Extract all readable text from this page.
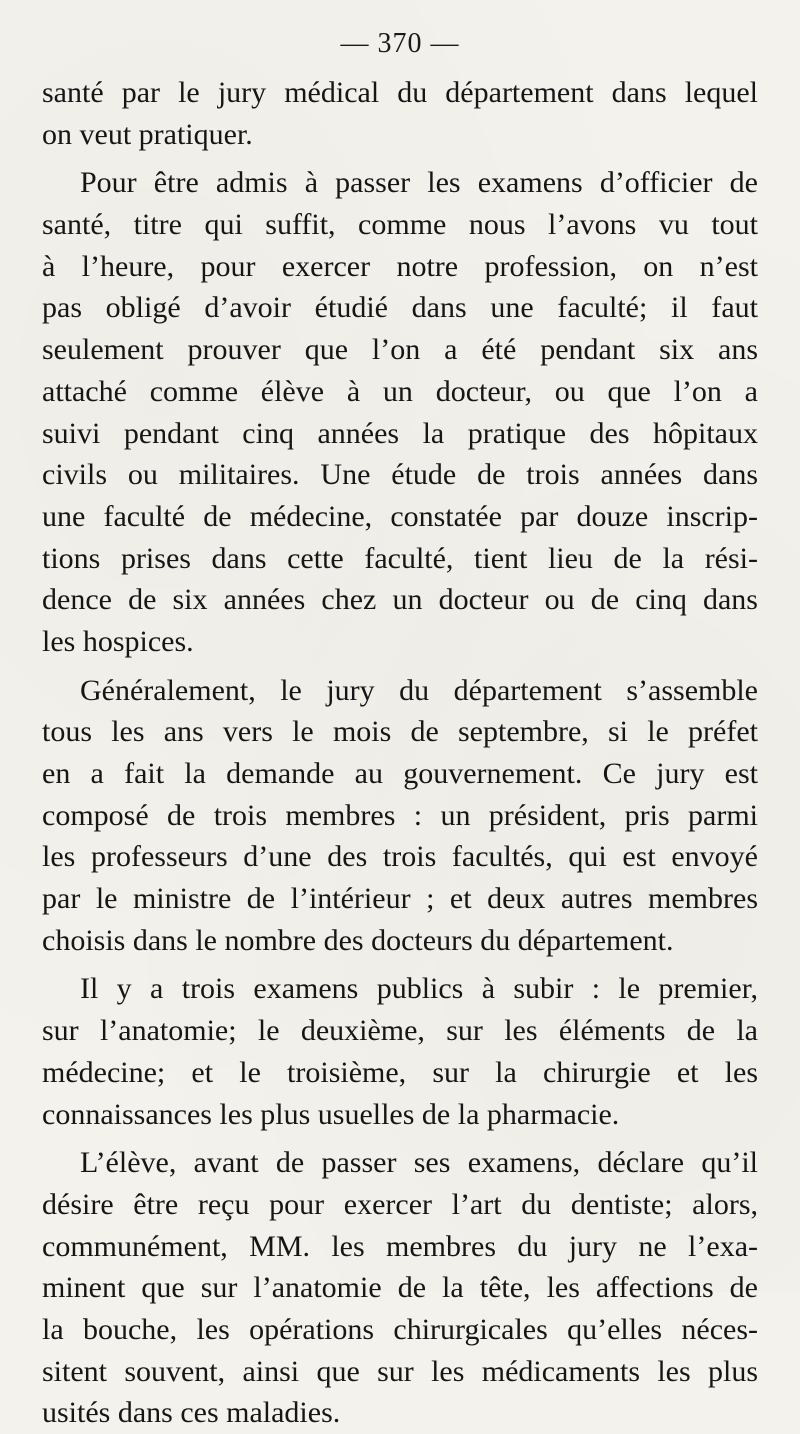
— 370 —
santé par le jury médical du département dans lequel
on veut pratiquer.
Pour être admis à passer les examens d’officier de
santé, titre qui suffit, comme nous l’avons vu tout
à l’heure, pour exercer notre profession, on n’est
pas obligé d’avoir étudié dans une faculté; il faut
seulement prouver que l’on a été pendant six ans
attaché comme élève à un docteur, ou que l’on a
suivi pendant cinq années la pratique des hôpitaux
civils ou militaires. Une étude de trois années dans
une faculté de médecine, constatée par douze inscrip-
tions prises dans cette faculté, tient lieu de la rési-
dence de six années chez un docteur ou de cinq dans
les hospices.
Généralement, le jury du département s’assemble
tous les ans vers le mois de septembre, si le préfet
en a fait la demande au gouvernement. Ce jury est
composé de trois membres : un président, pris parmi
les professeurs d’une des trois facultés, qui est envoyé
par le ministre de l’intérieur ; et deux autres membres
choisis dans le nombre des docteurs du département.
Il y a trois examens publics à subir : le premier,
sur l’anatomie; le deuxième, sur les éléments de la
médecine; et le troisième, sur la chirurgie et les
connaissances les plus usuelles de la pharmacie.
L’élève, avant de passer ses examens, déclare qu’il
désire être reçu pour exercer l’art du dentiste; alors,
communément, MM. les membres du jury ne l’exa-
minent que sur l’anatomie de la tête, les affections de
la bouche, les opérations chirurgicales qu’elles néces-
sitent souvent, ainsi que sur les médicaments les plus
usités dans ces maladies.
